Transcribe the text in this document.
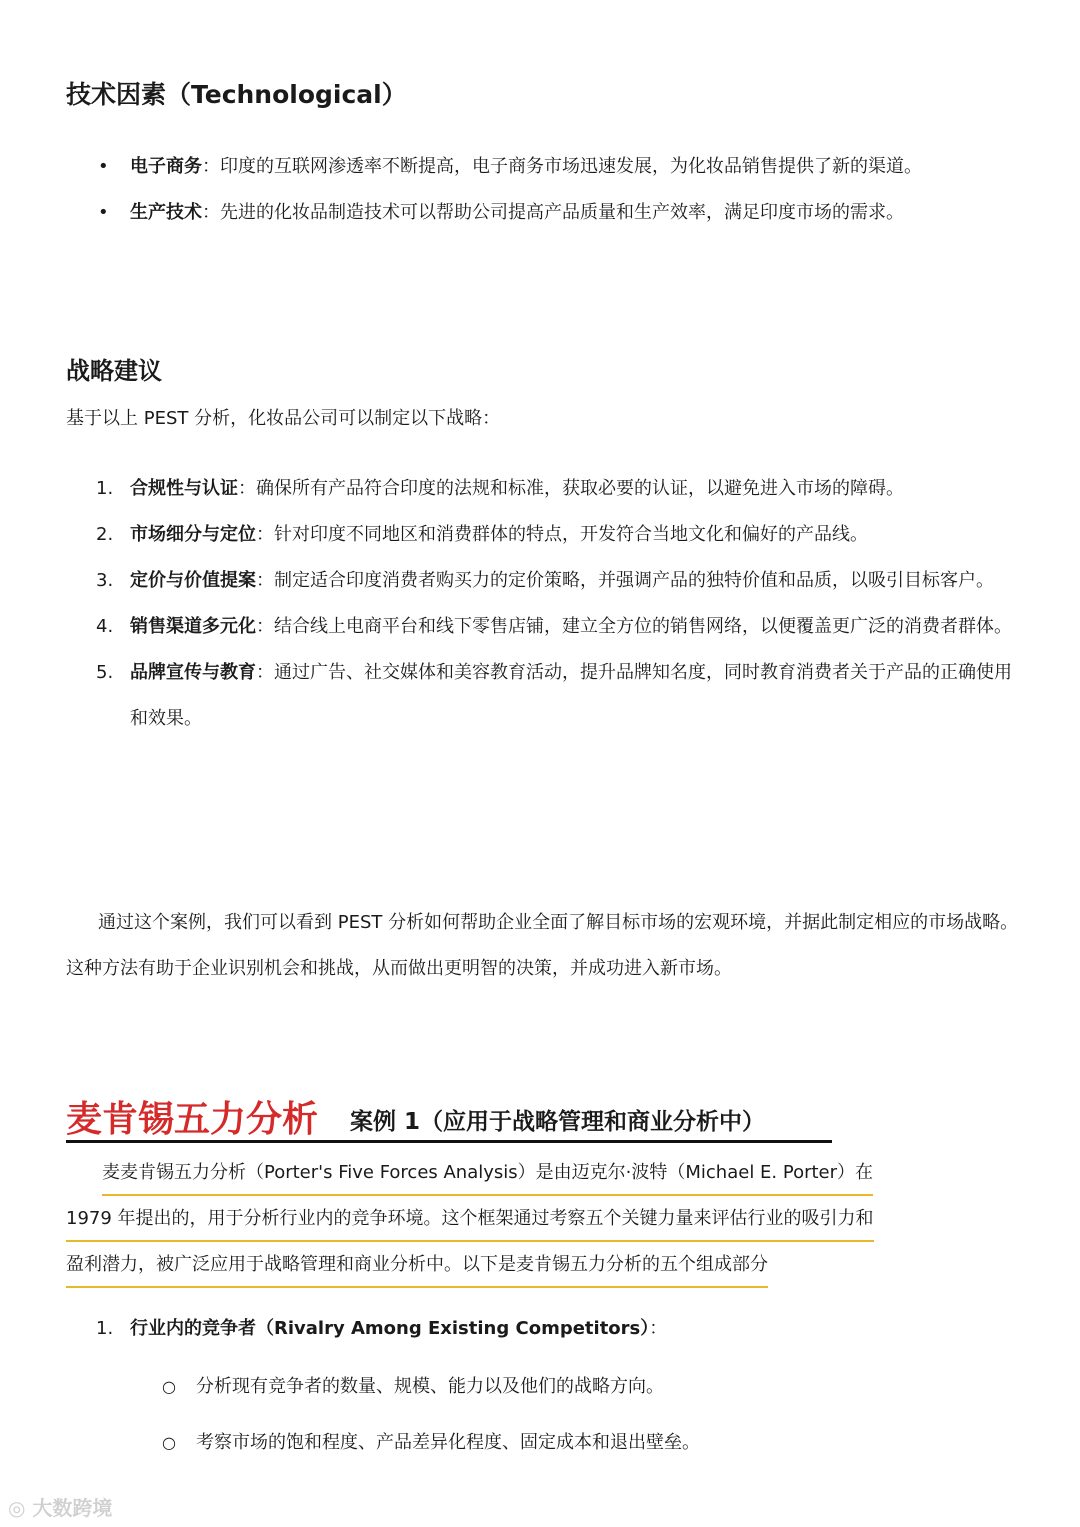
技术因素（Technological）
• 电子商务：印度的互联网渗透率不断提高，电子商务市场迅速发展，为化妆品销售提供了新的渠道。
• 生产技术：先进的化妆品制造技术可以帮助公司提高产品质量和生产效率，满足印度市场的需求。
战略建议

基于以上 PEST 分析，化妆品公司可以制定以下战略：

1. 合规性与认证：确保所有产品符合印度的法规和标准，获取必要的认证，以避免进入市场的障碍。
2. 市场细分与定位：针对印度不同地区和消费群体的特点，开发符合当地文化和偏好的产品线。
3. 定价与价值提案：制定适合印度消费者购买力的定价策略，并强调产品的独特价值和品质，以吸引目标客户。
4. 销售渠道多元化：结合线上电商平台和线下零售店铺，建立全方位的销售网络，以便覆盖更广泛的消费者群体。
5. 品牌宣传与教育：通过广告、社交媒体和美容教育活动，提升品牌知名度，同时教育消费者关于产品的正确使用和效果。

通过这个案例，我们可以看到 PEST 分析如何帮助企业全面了解目标市场的宏观环境，并据此制定相应的市场战略。这种方法有助于企业识别机会和挑战，从而做出更明智的决策，并成功进入新市场。

麦肯锡五力分析 案例 1（应用于战略管理和商业分析中）
麦麦肯锡五力分析（Porter's Five Forces Analysis）是由迈克尔·波特（Michael E. Porter）在
1979 年提出的，用于分析行业内的竞争环境。这个框架通过考察五个关键力量来评估行业的吸引力和
盈利潜力，被广泛应用于战略管理和商业分析中。以下是麦肯锡五力分析的五个组成部分
1. 行业内的竞争者（Rivalry Among Existing Competitors）：
○ 分析现有竞争者的数量、规模、能力以及他们的战略方向。
○ 考察市场的饱和程度、产品差异化程度、固定成本和退出壁垒。
◎ 大数跨境
